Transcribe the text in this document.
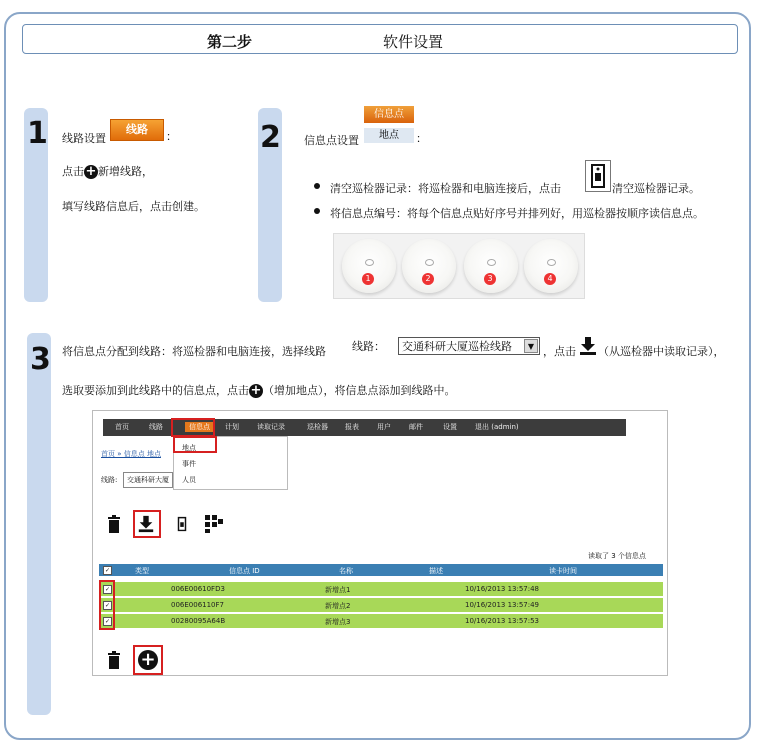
第二步	软件设置
1 线路设置
线路
：
点击 + 新增线路，
填写线路信息后，点击创建。
2
信息点
地点
信息点设置	：
清空巡检器记录：将巡检器和电脑连接后，点击	清空巡检器记录。
将信息点编号：将每个信息点贴好序号并排列好，用巡检器按顺序读信息点。
1	2	3	4
3 将信息点分配到线路：将巡检器和电脑连接，选择线路 线路：	交通科研大厦巡检线路	▼ ，点击 （从巡检器中读取记录），
选取要添加到此线路中的信息点，点击 + （增加地点），将信息点添加到线路中。
首页	线路	信息点	计划	读取记录	巡检器 报表	用户	邮件	设置	退出 (admin)
地点
事件
人员
首页 » 信息点 地点
线路:	交通科研大厦
读取了 3 个信息点
✓	类型	信息点 ID	名称	描述	读卡时间
✓	006E00610FD3	新增点1	10/16/2013 13:57:48
✓	006E006110F7	新增点2	10/16/2013 13:57:49
✓	00280095A64B	新增点3	10/16/2013 13:57:53
+
